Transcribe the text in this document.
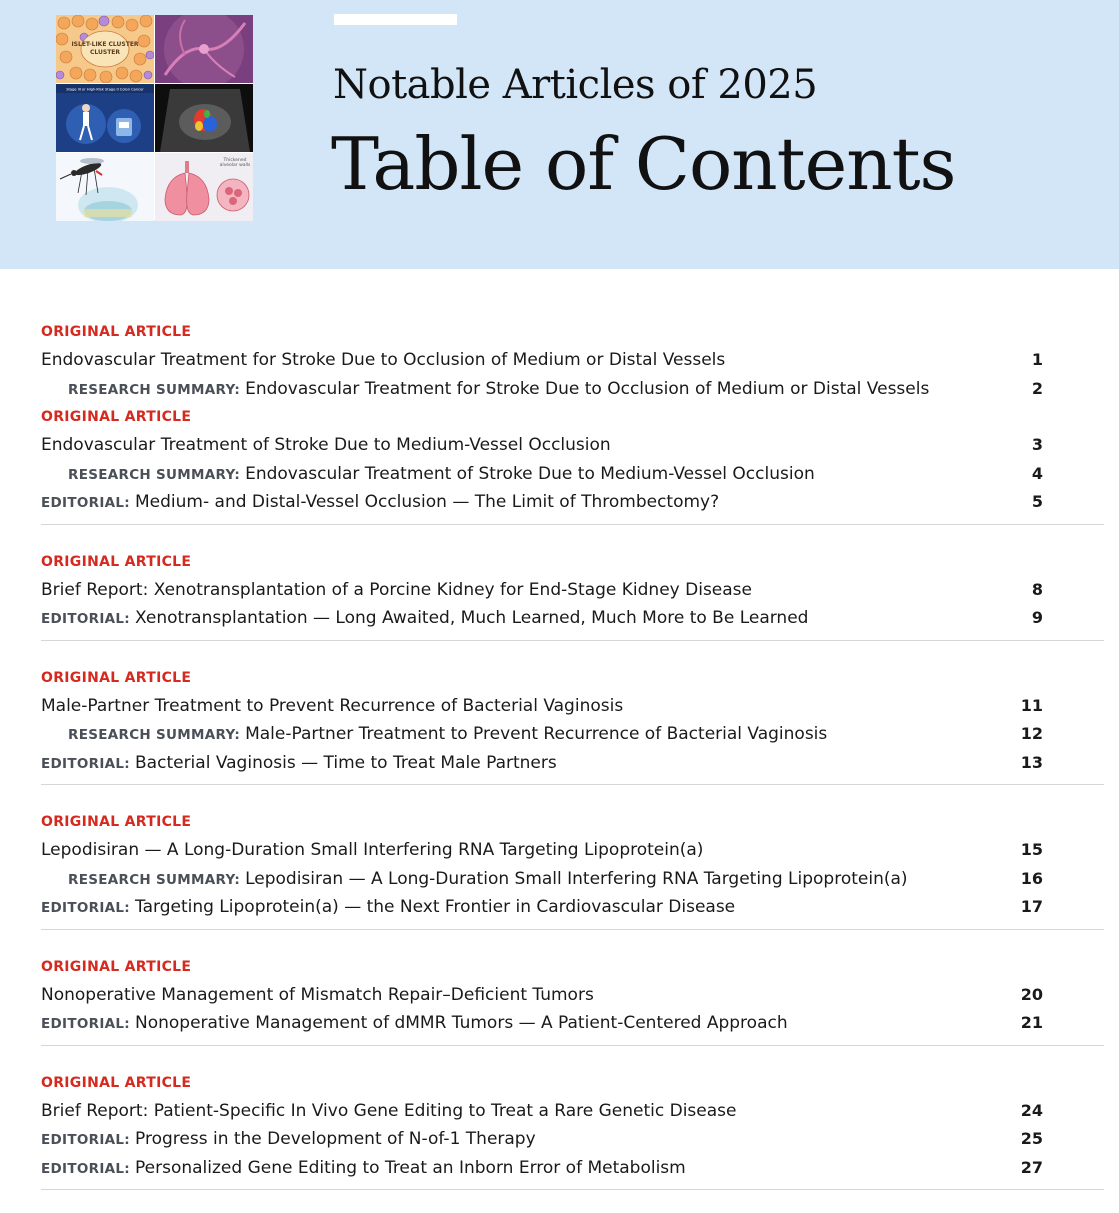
ISLET-LIKE CLUSTER
CLUSTER
Stage III or High-Risk Stage II Colon Cancer
Thickened
alveolar walls
Notable Articles of 2025
Table of Contents
ORIGINAL ARTICLE
Endovascular Treatment for Stroke Due to Occlusion of Medium or Distal Vessels	1
RESEARCH SUMMARY: Endovascular Treatment for Stroke Due to Occlusion of Medium or Distal Vessels	2
ORIGINAL ARTICLE
Endovascular Treatment of Stroke Due to Medium-Vessel Occlusion	3
RESEARCH SUMMARY: Endovascular Treatment of Stroke Due to Medium-Vessel Occlusion	4
EDITORIAL: Medium- and Distal-Vessel Occlusion — The Limit of Thrombectomy?	5
ORIGINAL ARTICLE
Brief Report: Xenotransplantation of a Porcine Kidney for End-Stage Kidney Disease	8
EDITORIAL: Xenotransplantation — Long Awaited, Much Learned, Much More to Be Learned	9
ORIGINAL ARTICLE
Male-Partner Treatment to Prevent Recurrence of Bacterial Vaginosis	11
RESEARCH SUMMARY: Male-Partner Treatment to Prevent Recurrence of Bacterial Vaginosis	12
EDITORIAL: Bacterial Vaginosis — Time to Treat Male Partners	13
ORIGINAL ARTICLE
Lepodisiran — A Long-Duration Small Interfering RNA Targeting Lipoprotein(a)	15
RESEARCH SUMMARY: Lepodisiran — A Long-Duration Small Interfering RNA Targeting Lipoprotein(a)	16
EDITORIAL: Targeting Lipoprotein(a) — the Next Frontier in Cardiovascular Disease	17
ORIGINAL ARTICLE
Nonoperative Management of Mismatch Repair–Deficient Tumors	20
EDITORIAL: Nonoperative Management of dMMR Tumors — A Patient-Centered Approach	21
ORIGINAL ARTICLE
Brief Report: Patient-Specific In Vivo Gene Editing to Treat a Rare Genetic Disease	24
EDITORIAL: Progress in the Development of N-of-1 Therapy	25
EDITORIAL: Personalized Gene Editing to Treat an Inborn Error of Metabolism	27
